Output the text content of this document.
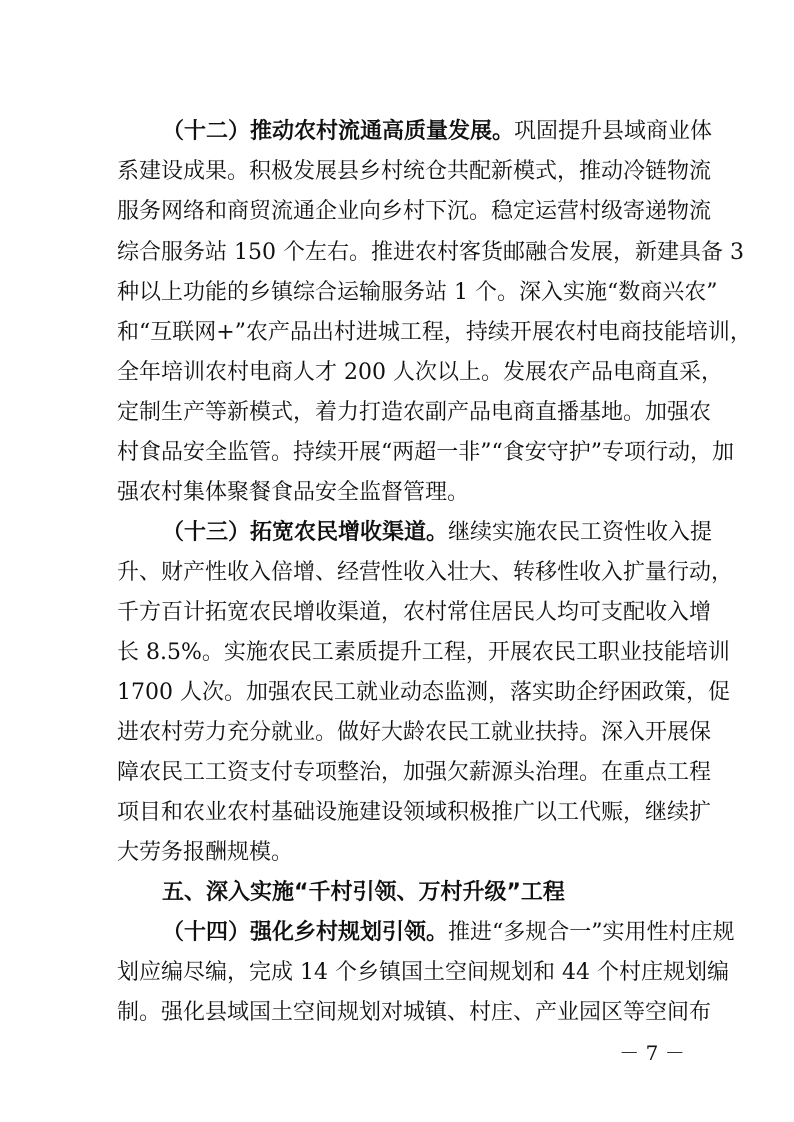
（十二）推动农村流通高质量发展。巩固提升县域商业体
系建设成果。积极发展县乡村统仓共配新模式，推动冷链物流
服务网络和商贸流通企业向乡村下沉。稳定运营村级寄递物流
综合服务站 150 个左右。推进农村客货邮融合发展，新建具备 3
种以上功能的乡镇综合运输服务站 1 个。深入实施“数商兴农”
和“互联网+”农产品出村进城工程，持续开展农村电商技能培训，
全年培训农村电商人才 200 人次以上。发展农产品电商直采，
定制生产等新模式，着力打造农副产品电商直播基地。加强农
村食品安全监管。持续开展“两超一非”“食安守护”专项行动，加
强农村集体聚餐食品安全监督管理。
（十三）拓宽农民增收渠道。继续实施农民工资性收入提
升、财产性收入倍增、经营性收入壮大、转移性收入扩量行动，
千方百计拓宽农民增收渠道，农村常住居民人均可支配收入增
长 8.5%。实施农民工素质提升工程，开展农民工职业技能培训
1700 人次。加强农民工就业动态监测，落实助企纾困政策，促
进农村劳力充分就业。做好大龄农民工就业扶持。深入开展保
障农民工工资支付专项整治，加强欠薪源头治理。在重点工程
项目和农业农村基础设施建设领域积极推广以工代赈，继续扩
大劳务报酬规模。
五、深入实施“千村引领、万村升级”工程
（十四）强化乡村规划引领。推进“多规合一”实用性村庄规
划应编尽编，完成 14 个乡镇国土空间规划和 44 个村庄规划编
制。强化县域国土空间规划对城镇、村庄、产业园区等空间布
－ 7 －
